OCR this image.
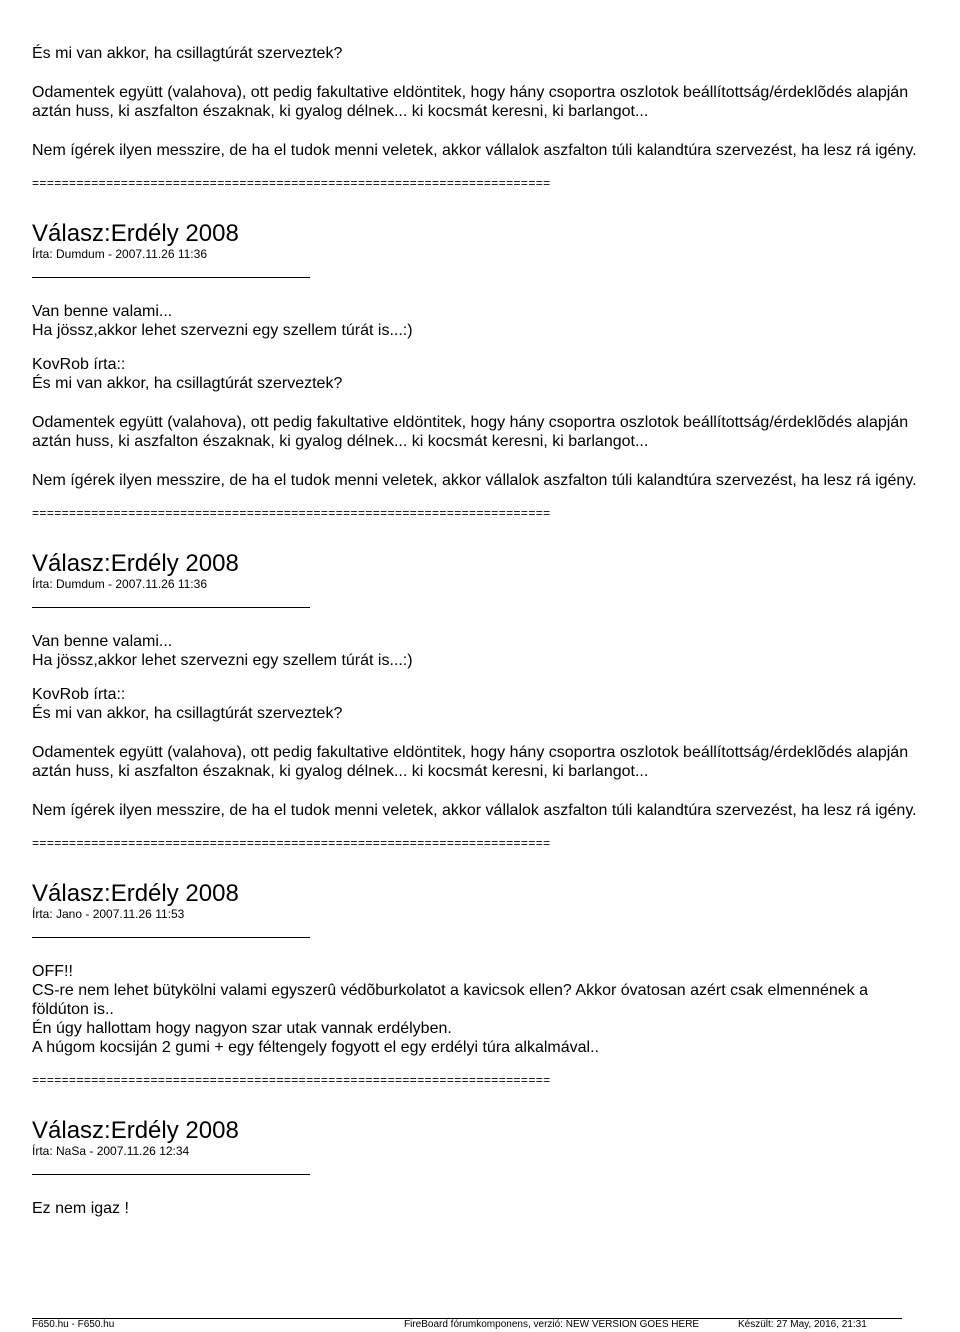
És mi van akkor, ha csillagtúrát szerveztek?

Odamentek együtt (valahova), ott pedig fakultative eldöntitek, hogy hány csoportra oszlotok beállítottság/érdeklõdés alapján aztán huss, ki aszfalton északnak, ki gyalog délnek... ki kocsmát keresni, ki barlangot...

Nem ígérek ilyen messzire, de ha el tudok menni veletek, akkor vállalok aszfalton túli kalandtúra szervezést, ha lesz rá igény.

======================================================================

Válasz:Erdély 2008

Írta: Dumdum - 2007.11.26 11:36

Van benne valami...

Ha jössz,akkor lehet szervezni egy szellem túrát is...:)

KovRob írta::

És mi van akkor, ha csillagtúrát szerveztek?

Odamentek együtt (valahova), ott pedig fakultative eldöntitek, hogy hány csoportra oszlotok beállítottság/érdeklõdés alapján aztán huss, ki aszfalton északnak, ki gyalog délnek... ki kocsmát keresni, ki barlangot...

Nem ígérek ilyen messzire, de ha el tudok menni veletek, akkor vállalok aszfalton túli kalandtúra szervezést, ha lesz rá igény.

======================================================================

Válasz:Erdély 2008

Írta: Dumdum - 2007.11.26 11:36

Van benne valami...

Ha jössz,akkor lehet szervezni egy szellem túrát is...:)

KovRob írta::

És mi van akkor, ha csillagtúrát szerveztek?

Odamentek együtt (valahova), ott pedig fakultative eldöntitek, hogy hány csoportra oszlotok beállítottság/érdeklõdés alapján aztán huss, ki aszfalton északnak, ki gyalog délnek... ki kocsmát keresni, ki barlangot...

Nem ígérek ilyen messzire, de ha el tudok menni veletek, akkor vállalok aszfalton túli kalandtúra szervezést, ha lesz rá igény.

======================================================================

Válasz:Erdély 2008

Írta: Jano - 2007.11.26 11:53

OFF!!

CS-re nem lehet bütykölni valami egyszerû védõburkolatot a kavicsok ellen? Akkor óvatosan azért csak elmennének a földúton is..

Én úgy hallottam hogy nagyon szar utak vannak erdélyben.

A húgom kocsiján 2 gumi + egy féltengely fogyott el egy erdélyi túra alkalmával..

======================================================================

Válasz:Erdély 2008

Írta: NaSa - 2007.11.26 12:34

Ez nem igaz !

F650.hu - F650.hu	FireBoard fórumkomponens, verzió: NEW VERSION GOES HERE	Készült: 27 May, 2016, 21:31
